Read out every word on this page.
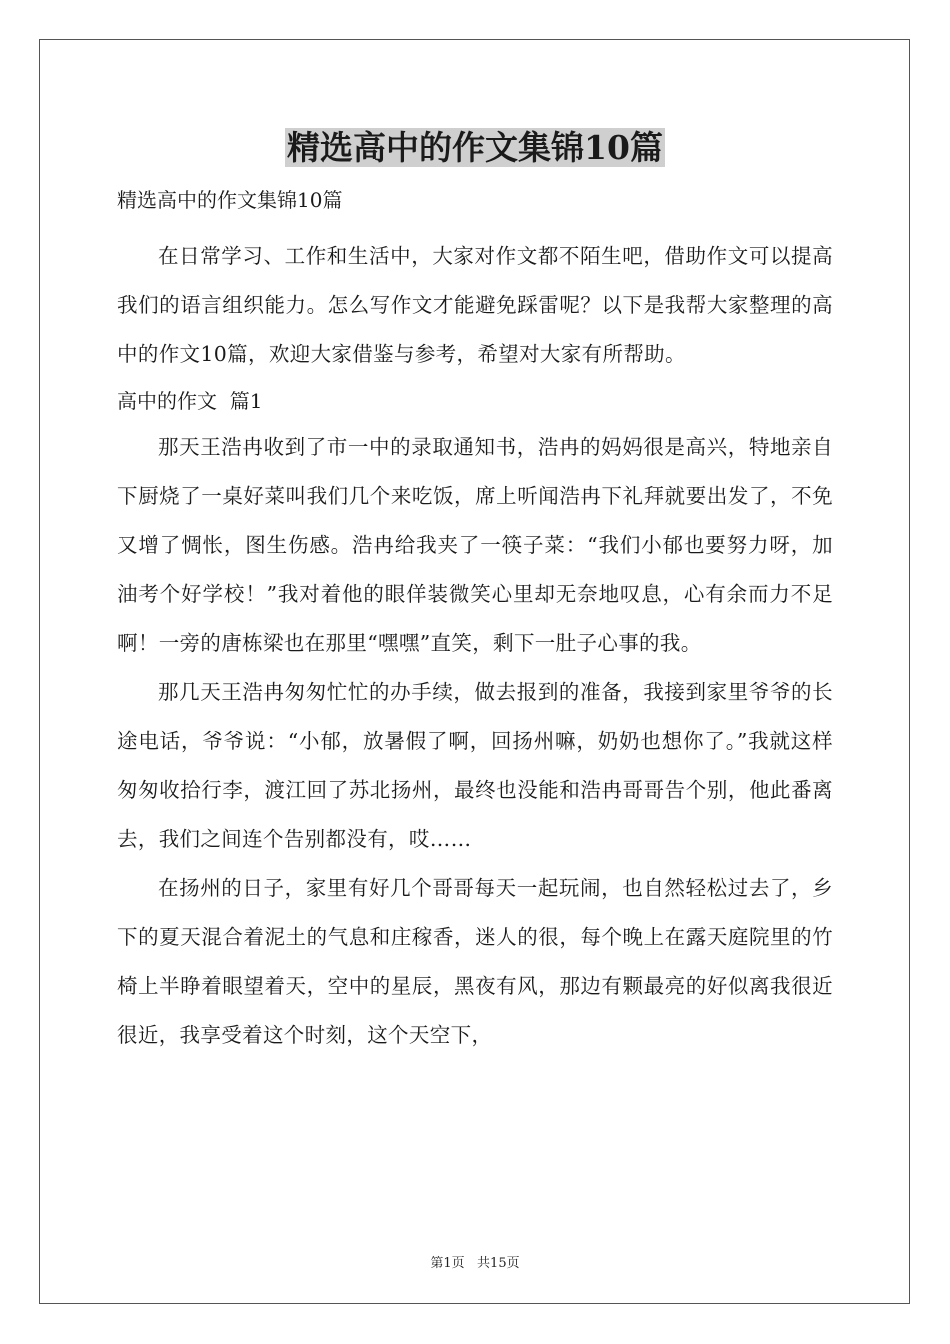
精选高中的作文集锦10篇
精选高中的作文集锦10篇

在日常学习、工作和生活中，大家对作文都不陌生吧，借助作文可以提高我们的语言组织能力。怎么写作文才能避免踩雷呢？以下是我帮大家整理的高中的作文10篇，欢迎大家借鉴与参考，希望对大家有所帮助。

高中的作文  篇1

那天王浩冉收到了市一中的录取通知书，浩冉的妈妈很是高兴，特地亲自下厨烧了一桌好菜叫我们几个来吃饭，席上听闻浩冉下礼拜就要出发了，不免又增了惆怅，图生伤感。浩冉给我夹了一筷子菜：“我们小郁也要努力呀，加油考个好学校！”我对着他的眼佯装微笑心里却无奈地叹息，心有余而力不足啊！一旁的唐栋梁也在那里“嘿嘿”直笑，剩下一肚子心事的我。

那几天王浩冉匆匆忙忙的办手续，做去报到的准备，我接到家里爷爷的长途电话，爷爷说：“小郁，放暑假了啊，回扬州嘛，奶奶也想你了。”我就这样匆匆收拾行李，渡江回了苏北扬州，最终也没能和浩冉哥哥告个别，他此番离去，我们之间连个告别都没有，哎……

在扬州的日子，家里有好几个哥哥每天一起玩闹，也自然轻松过去了，乡下的夏天混合着泥土的气息和庄稼香，迷人的很，每个晚上在露天庭院里的竹椅上半睁着眼望着天，空中的星辰，黑夜有风，那边有颗最亮的好似离我很近很近，我享受着这个时刻，这个天空下，

第1页   共15页
